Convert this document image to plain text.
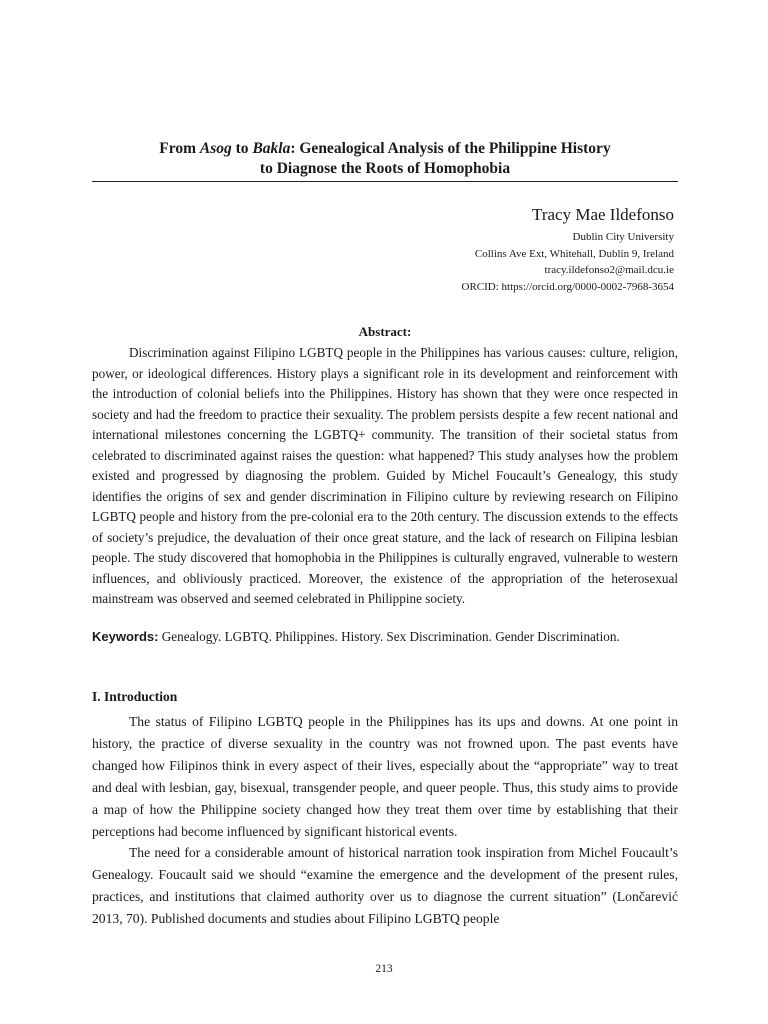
From Asog to Bakla: Genealogical Analysis of the Philippine History
to Diagnose the Roots of Homophobia
Tracy Mae Ildefonso
Dublin City University
Collins Ave Ext, Whitehall, Dublin 9, Ireland
tracy.ildefonso2@mail.dcu.ie
ORCID: https://orcid.org/0000-0002-7968-3654
Abstract:

Discrimination against Filipino LGBTQ people in the Philippines has various causes: culture, religion, power, or ideological differences. History plays a significant role in its development and reinforcement with the introduction of colonial beliefs into the Philippines. History has shown that they were once respected in society and had the freedom to practice their sexuality. The problem persists despite a few recent national and international milestones concerning the LGBTQ+ community. The transition of their societal status from celebrated to discriminated against raises the question: what happened? This study analyses how the problem existed and progressed by diagnosing the problem. Guided by Michel Foucault’s Genealogy, this study identifies the origins of sex and gender discrimination in Filipino culture by reviewing research on Filipino LGBTQ people and history from the pre-colonial era to the 20th century. The discussion extends to the effects of society’s prejudice, the devaluation of their once great stature, and the lack of research on Filipina lesbian people. The study discovered that homophobia in the Philippines is culturally engraved, vulnerable to western influences, and obliviously practiced. Moreover, the existence of the appropriation of the heterosexual mainstream was observed and seemed celebrated in Philippine society.

Keywords: Genealogy. LGBTQ. Philippines. History. Sex Discrimination. Gender Discrimination.
I. Introduction

The status of Filipino LGBTQ people in the Philippines has its ups and downs. At one point in history, the practice of diverse sexuality in the country was not frowned upon. The past events have changed how Filipinos think in every aspect of their lives, especially about the “appropriate” way to treat and deal with lesbian, gay, bisexual, transgender people, and queer people. Thus, this study aims to provide a map of how the Philippine society changed how they treat them over time by establishing that their perceptions had become influenced by significant historical events.

The need for a considerable amount of historical narration took inspiration from Michel Foucault’s Genealogy. Foucault said we should “examine the emergence and the development of the present rules, practices, and institutions that claimed authority over us to diagnose the current situation” (Lončarević 2013, 70). Published documents and studies about Filipino LGBTQ people

213
